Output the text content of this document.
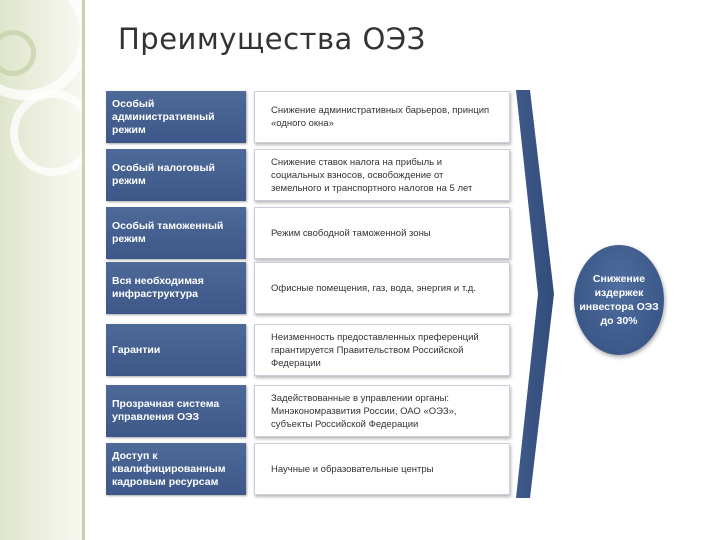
Преимущества ОЭЗ
Особый административный режим
Снижение административных барьеров, принцип «одного окна»
Особый налоговый режим
Снижение ставок налога на прибыль и социальных взносов, освобождение от земельного и транспортного налогов на 5 лет
Особый таможенный режим	Режим свободной таможенной зоны
Вся необходимая инфраструктура	Офисные помещения, газ, вода, энергия и т.д.
Гарантии
Неизменность предоставленных преференций гарантируется Правительством Российской Федерации
Прозрачная система управления ОЭЗ
Задействованные в управлении органы: Минэкономразвития России, ОАО «ОЭЗ», субъекты Российской Федерации
Доступ к квалифицированным кадровым ресурсам
Научные и образовательные центры
Снижение издержек инвестора ОЭЗ до 30%
